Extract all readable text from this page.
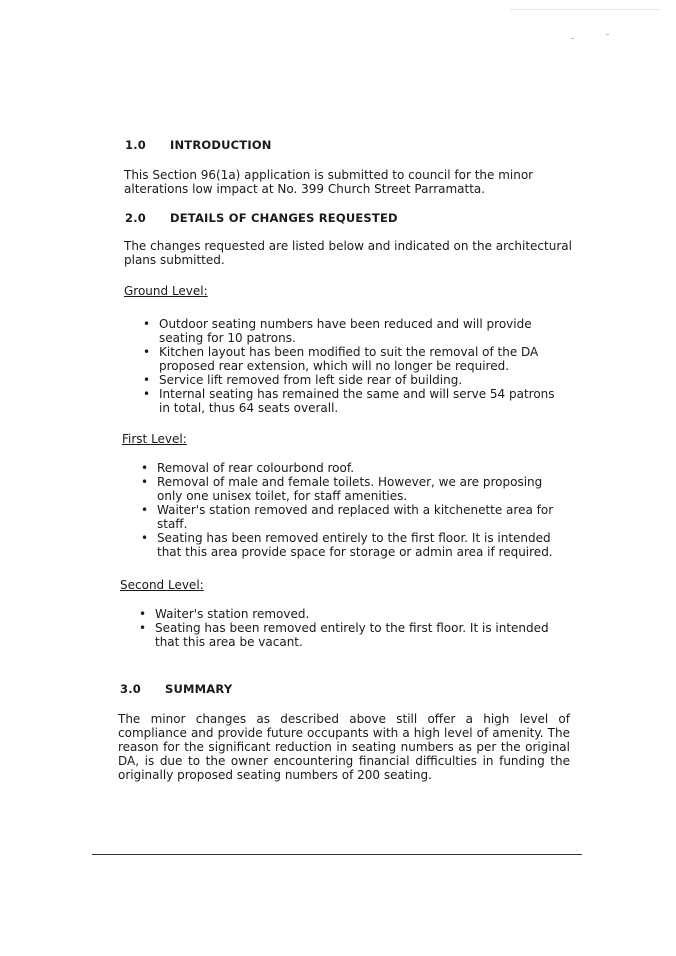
1.0	INTRODUCTION
This Section 96(1a) application is submitted to council for the minor alterations low impact at No. 399 Church Street Parramatta.
2.0	DETAILS OF CHANGES REQUESTED
The changes requested are listed below and indicated on the architectural plans submitted.
Ground Level:
• Outdoor seating numbers have been reduced and will provide seating for 10 patrons.
• Kitchen layout has been modified to suit the removal of the DA proposed rear extension, which will no longer be required.
• Service lift removed from left side rear of building.
• Internal seating has remained the same and will serve 54 patrons in total, thus 64 seats overall.
First Level:
• Removal of rear colourbond roof.
• Removal of male and female toilets. However, we are proposing only one unisex toilet, for staff amenities.
• Waiter's station removed and replaced with a kitchenette area for staff.
• Seating has been removed entirely to the first floor. It is intended that this area provide space for storage or admin area if required.
Second Level:
• Waiter's station removed.
• Seating has been removed entirely to the first floor. It is intended that this area be vacant.
3.0	SUMMARY
The minor changes as described above still offer a high level of compliance and provide future occupants with a high level of amenity. The reason for the significant reduction in seating numbers as per the original DA, is due to the owner encountering financial difficulties in funding the originally proposed seating numbers of 200 seating.
